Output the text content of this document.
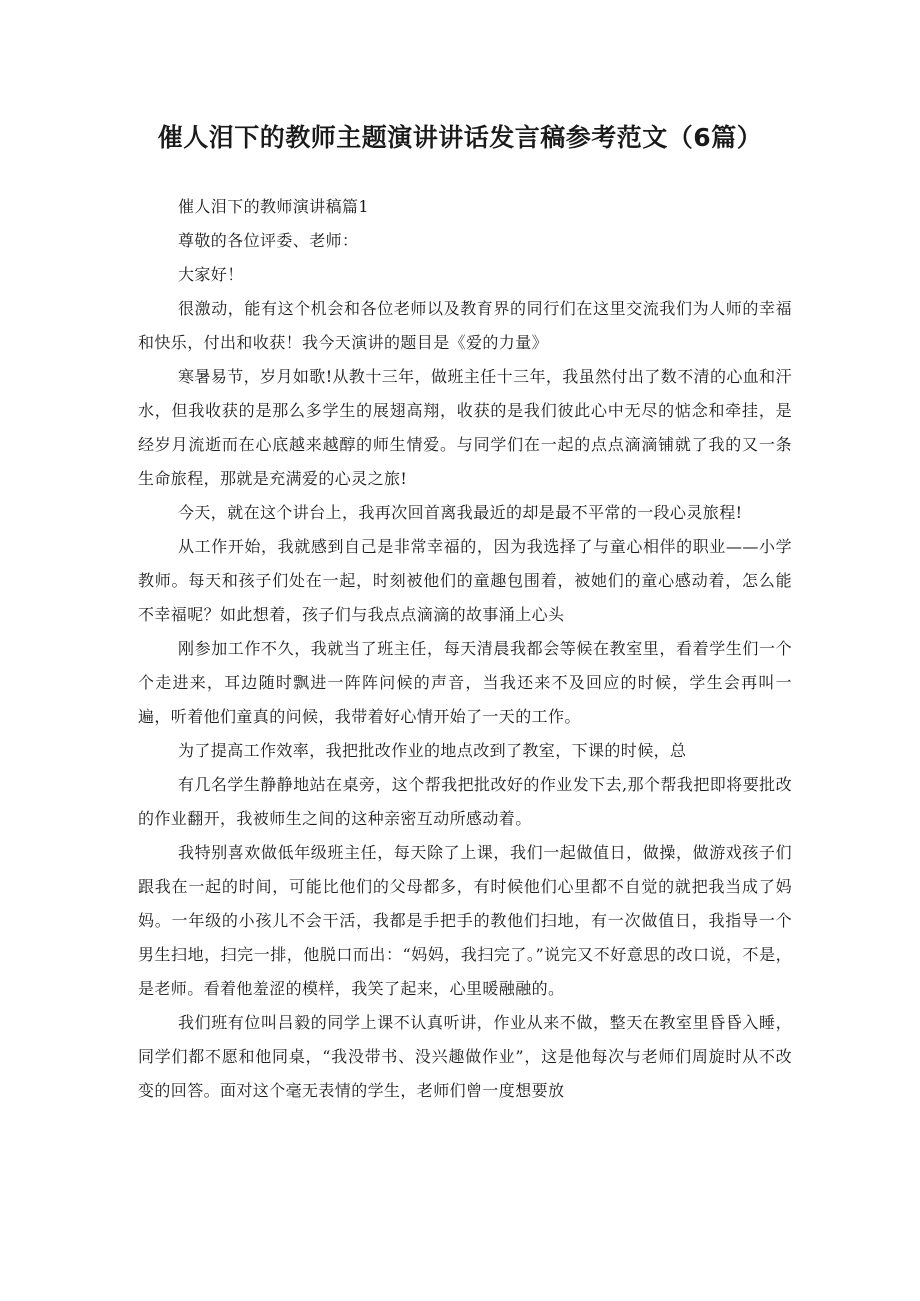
催人泪下的教师主题演讲讲话发言稿参考范文（6篇）

催人泪下的教师演讲稿篇1

尊敬的各位评委、老师：

大家好！

很激动，能有这个机会和各位老师以及教育界的同行们在这里交流我们为人师的幸福和快乐，付出和收获！我今天演讲的题目是《爱的力量》

寒暑易节，岁月如歌!从教十三年，做班主任十三年，我虽然付出了数不清的心血和汗水，但我收获的是那么多学生的展翅高翔，收获的是我们彼此心中无尽的惦念和牵挂，是经岁月流逝而在心底越来越醇的师生情爱。与同学们在一起的点点滴滴铺就了我的又一条生命旅程，那就是充满爱的心灵之旅!

今天，就在这个讲台上，我再次回首离我最近的却是最不平常的一段心灵旅程!

从工作开始，我就感到自己是非常幸福的，因为我选择了与童心相伴的职业——小学教师。每天和孩子们处在一起，时刻被他们的童趣包围着，被她们的童心感动着，怎么能不幸福呢？如此想着，孩子们与我点点滴滴的故事涌上心头

刚参加工作不久，我就当了班主任，每天清晨我都会等候在教室里，看着学生们一个个走进来，耳边随时飘进一阵阵问候的声音，当我还来不及回应的时候，学生会再叫一遍，听着他们童真的问候，我带着好心情开始了一天的工作。

为了提高工作效率，我把批改作业的地点改到了教室，下课的时候，总

有几名学生静静地站在桌旁，这个帮我把批改好的作业发下去,那个帮我把即将要批改的作业翻开，我被师生之间的这种亲密互动所感动着。

我特别喜欢做低年级班主任，每天除了上课，我们一起做值日，做操，做游戏孩子们跟我在一起的时间，可能比他们的父母都多，有时候他们心里都不自觉的就把我当成了妈妈。一年级的小孩儿不会干活，我都是手把手的教他们扫地，有一次做值日，我指导一个男生扫地，扫完一排，他脱口而出：“妈妈，我扫完了。”说完又不好意思的改口说，不是，是老师。看着他羞涩的模样，我笑了起来，心里暖融融的。

我们班有位叫吕毅的同学上课不认真听讲，作业从来不做，整天在教室里昏昏入睡，同学们都不愿和他同桌，“我没带书、没兴趣做作业”，这是他每次与老师们周旋时从不改变的回答。面对这个毫无表情的学生，老师们曾一度想要放
